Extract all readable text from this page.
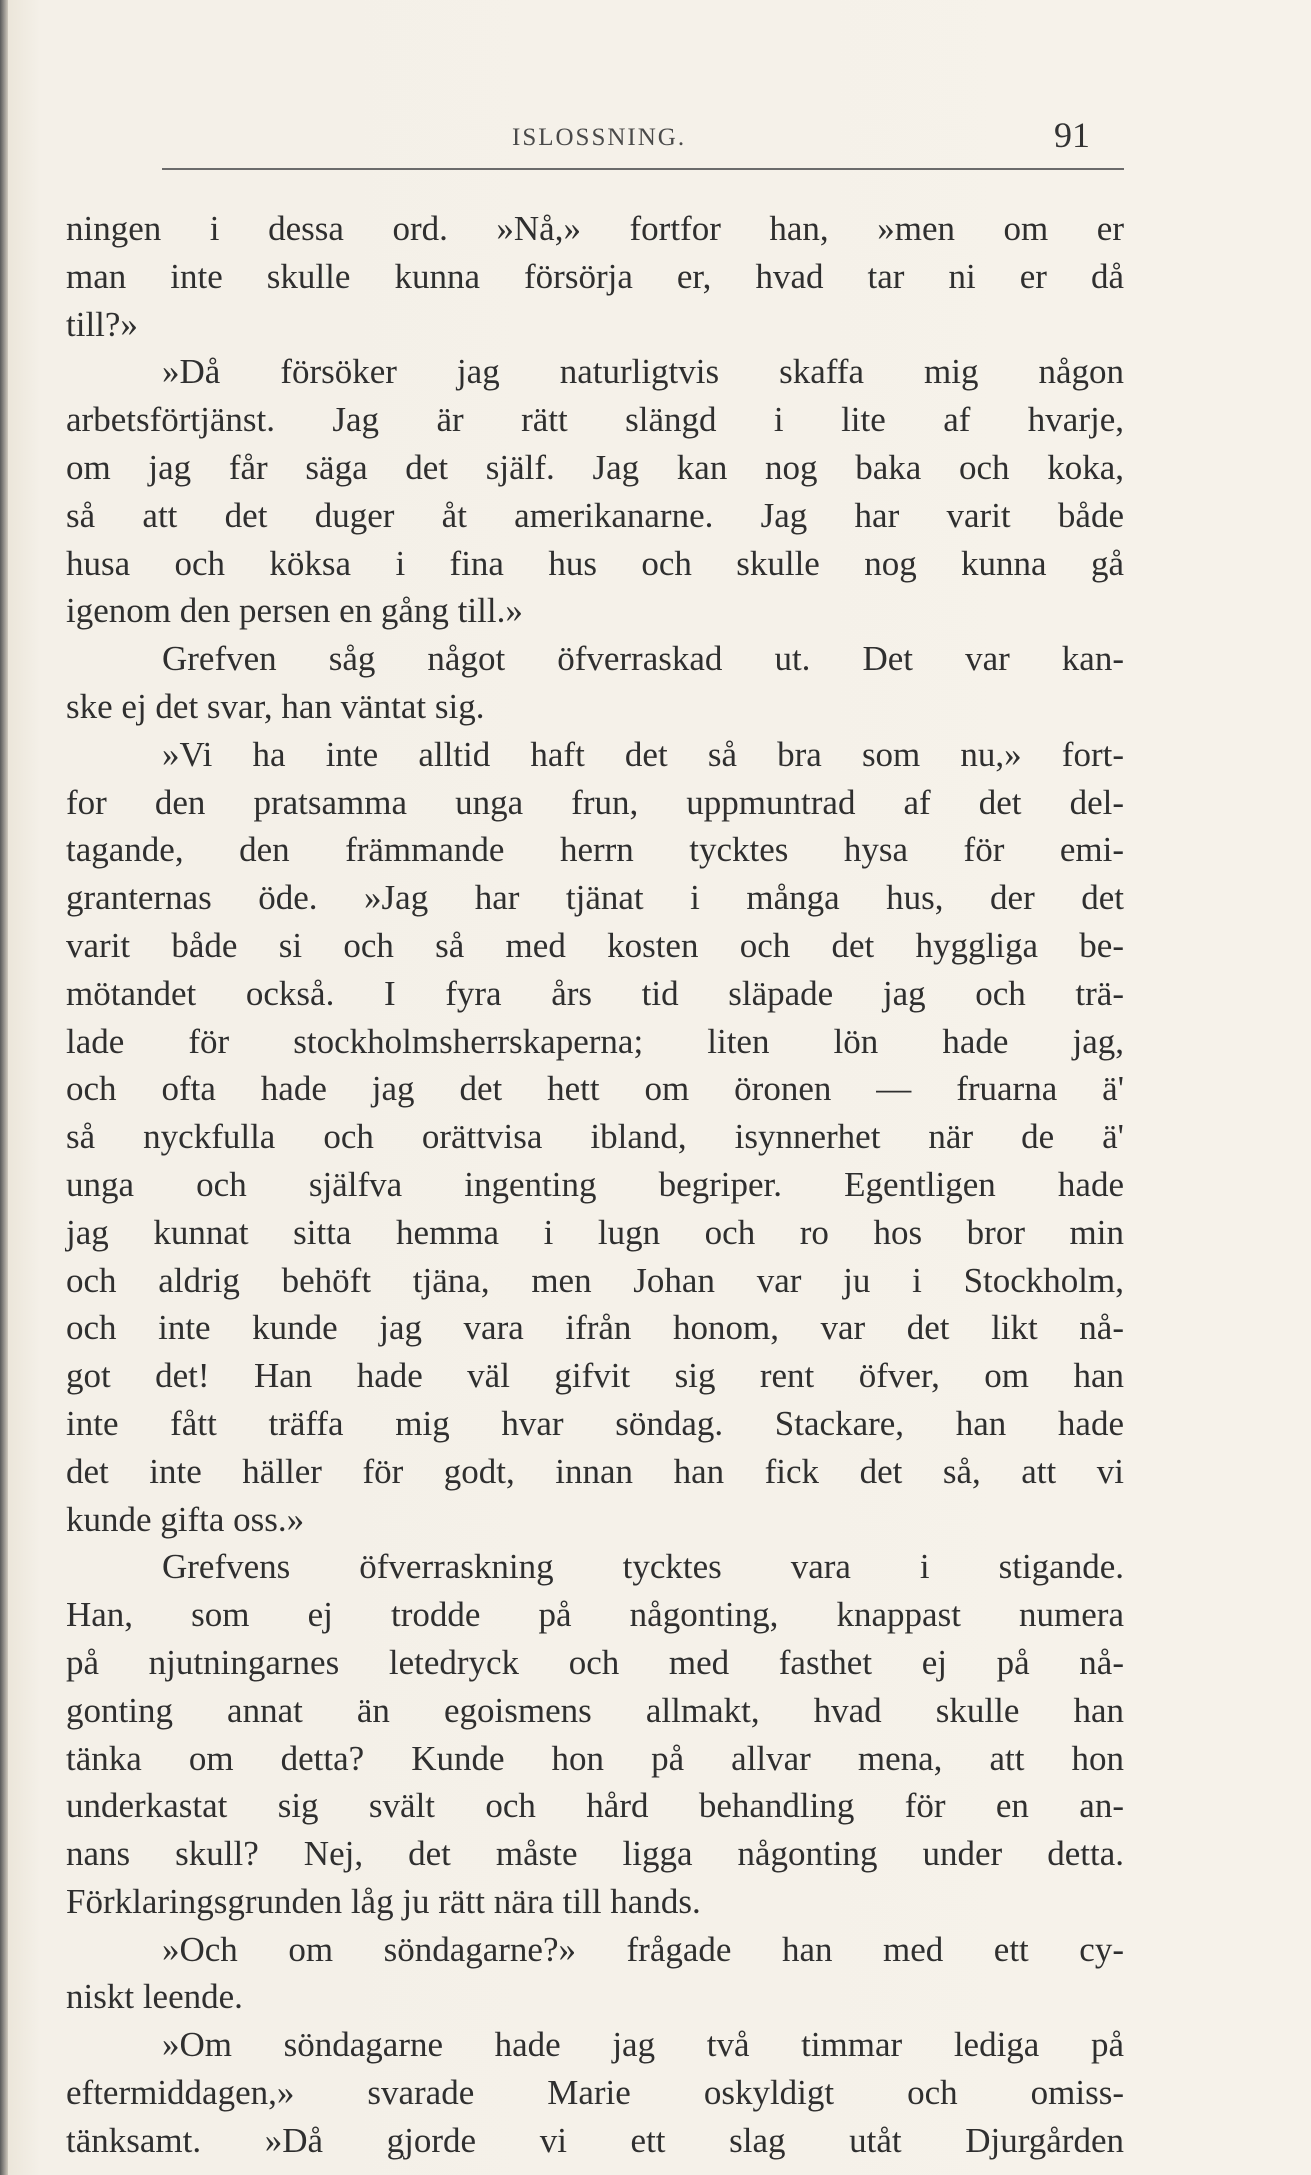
ISLOSSNING.	91
ningen i dessa ord. »Nå,» fortfor han, »men om er
man inte skulle kunna försörja er, hvad tar ni er då
till?»
»Då försöker jag naturligtvis skaffa mig någon
arbetsförtjänst. Jag är rätt slängd i lite af hvarje,
om jag får säga det själf. Jag kan nog baka och koka,
så att det duger åt amerikanarne. Jag har varit både
husa och köksa i fina hus och skulle nog kunna gå
igenom den persen en gång till.»
Grefven såg något öfverraskad ut. Det var kan-
ske ej det svar, han väntat sig.
»Vi ha inte alltid haft det så bra som nu,» fort-
for den pratsamma unga frun, uppmuntrad af det del-
tagande, den främmande herrn tycktes hysa för emi-
granternas öde. »Jag har tjänat i många hus, der det
varit både si och så med kosten och det hyggliga be-
mötandet också. I fyra års tid släpade jag och trä-
lade för stockholmsherrskaperna; liten lön hade jag,
och ofta hade jag det hett om öronen — fruarna ä'
så nyckfulla och orättvisa ibland, isynnerhet när de ä'
unga och själfva ingenting begriper. Egentligen hade
jag kunnat sitta hemma i lugn och ro hos bror min
och aldrig behöft tjäna, men Johan var ju i Stockholm,
och inte kunde jag vara ifrån honom, var det likt nå-
got det! Han hade väl gifvit sig rent öfver, om han
inte fått träffa mig hvar söndag. Stackare, han hade
det inte häller för godt, innan han fick det så, att vi
kunde gifta oss.»
Grefvens öfverraskning tycktes vara i stigande.
Han, som ej trodde på någonting, knappast numera
på njutningarnes letedryck och med fasthet ej på nå-
gonting annat än egoismens allmakt, hvad skulle han
tänka om detta? Kunde hon på allvar mena, att hon
underkastat sig svält och hård behandling för en an-
nans skull? Nej, det måste ligga någonting under detta.
Förklaringsgrunden låg ju rätt nära till hands.
»Och om söndagarne?» frågade han med ett cy-
niskt leende.
»Om söndagarne hade jag två timmar lediga på
eftermiddagen,» svarade Marie oskyldigt och omiss-
tänksamt. »Då gjorde vi ett slag utåt Djurgården
